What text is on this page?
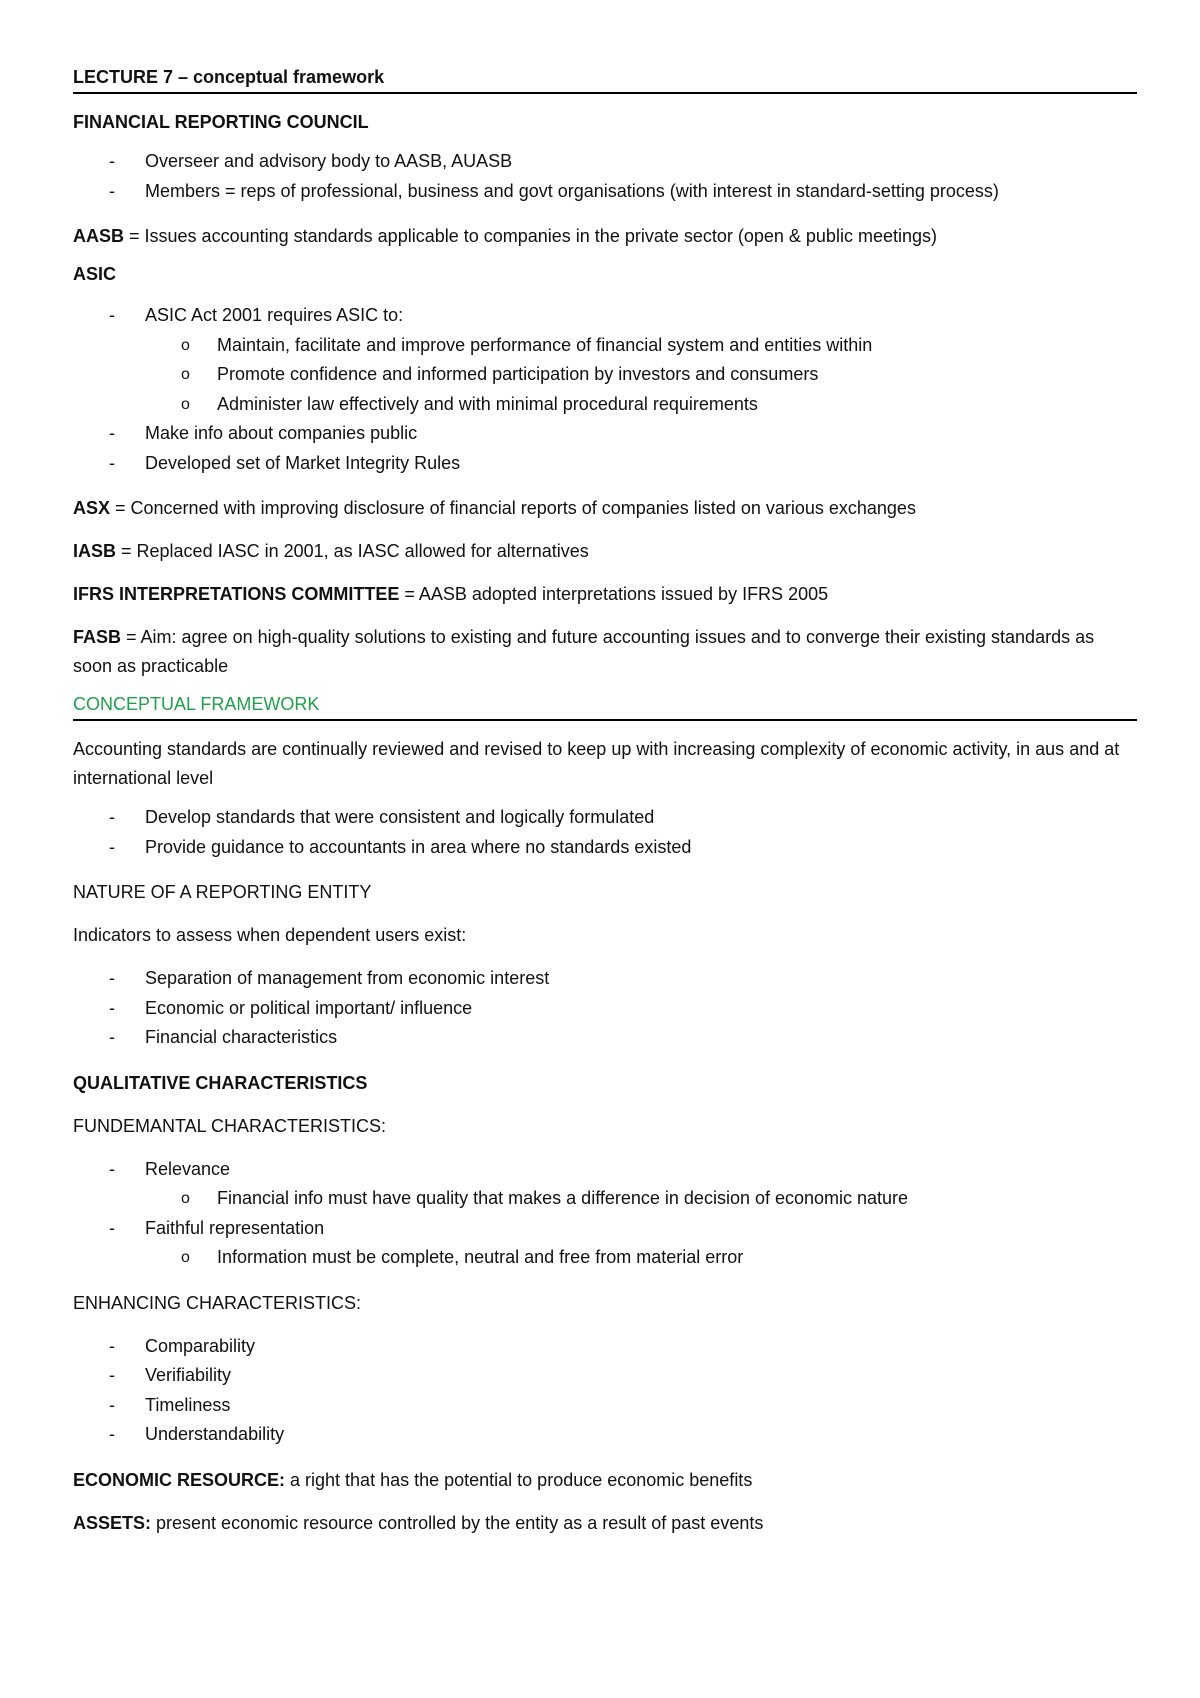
LECTURE 7 – conceptual framework

FINANCIAL REPORTING COUNCIL

- Overseer and advisory body to AASB, AUASB
- Members = reps of professional, business and govt organisations (with interest in standard-setting process)

AASB = Issues accounting standards applicable to companies in the private sector (open & public meetings)

ASIC

- ASIC Act 2001 requires ASIC to:
o Maintain, facilitate and improve performance of financial system and entities within
o Promote confidence and informed participation by investors and consumers
o Administer law effectively and with minimal procedural requirements
- Make info about companies public
- Developed set of Market Integrity Rules

ASX = Concerned with improving disclosure of financial reports of companies listed on various exchanges

IASB = Replaced IASC in 2001, as IASC allowed for alternatives

IFRS INTERPRETATIONS COMMITTEE = AASB adopted interpretations issued by IFRS 2005

FASB = Aim: agree on high-quality solutions to existing and future accounting issues and to converge their existing standards as soon as practicable

CONCEPTUAL FRAMEWORK

Accounting standards are continually reviewed and revised to keep up with increasing complexity of economic activity, in aus and at international level

- Develop standards that were consistent and logically formulated
- Provide guidance to accountants in area where no standards existed

NATURE OF A REPORTING ENTITY

Indicators to assess when dependent users exist:

- Separation of management from economic interest
- Economic or political important/ influence
- Financial characteristics

QUALITATIVE CHARACTERISTICS

FUNDEMANTAL CHARACTERISTICS:

- Relevance
o Financial info must have quality that makes a difference in decision of economic nature
- Faithful representation
o Information must be complete, neutral and free from material error

ENHANCING CHARACTERISTICS:

- Comparability
- Verifiability
- Timeliness
- Understandability

ECONOMIC RESOURCE: a right that has the potential to produce economic benefits

ASSETS: present economic resource controlled by the entity as a result of past events
